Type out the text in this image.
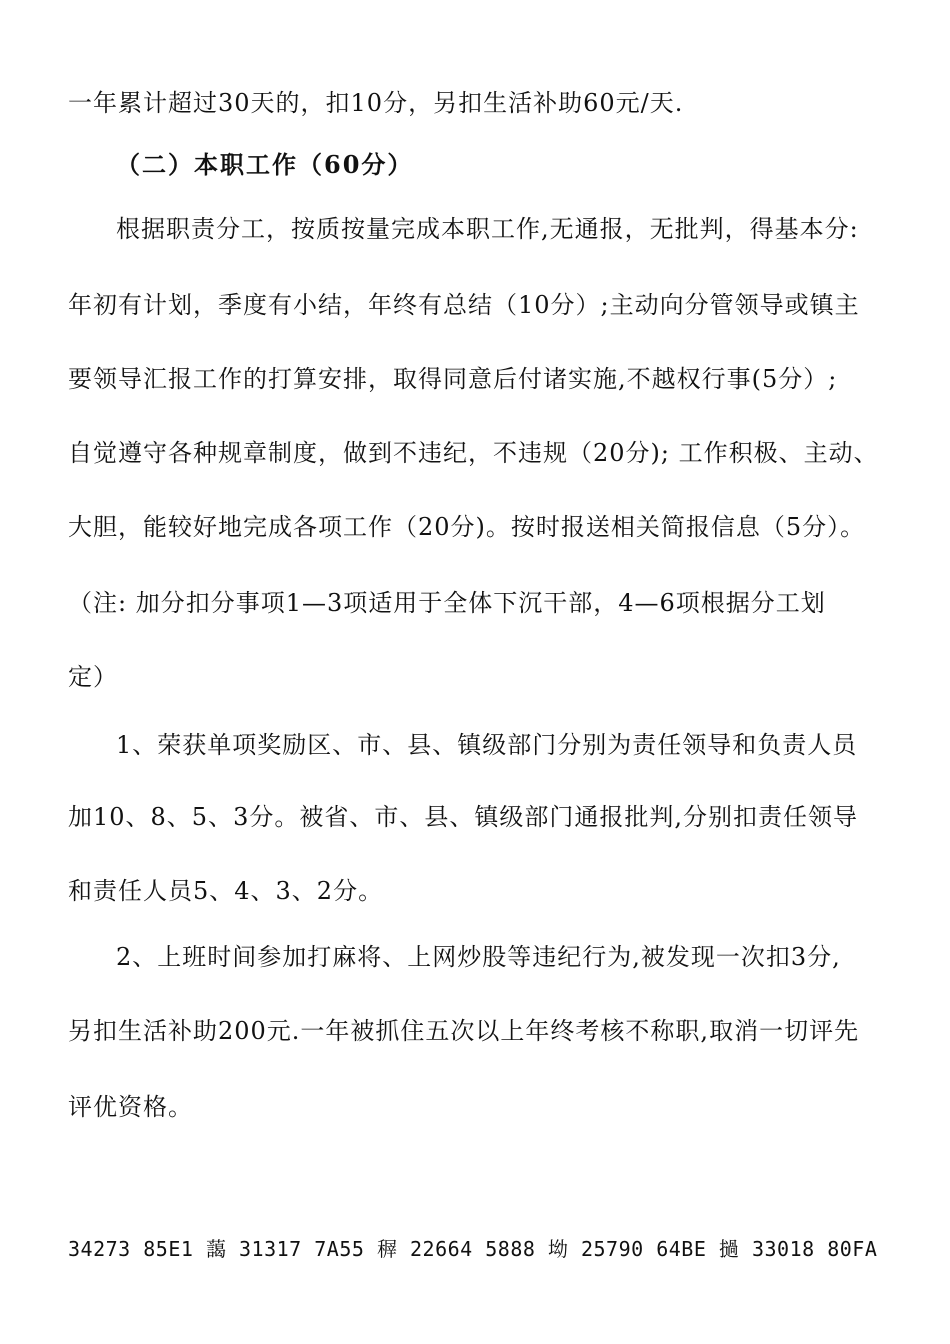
一年累计超过30天的，扣10分，另扣生活补助60元/天.
（二）本职工作（60分）
根据职责分工，按质按量完成本职工作,无通报，无批判，得基本分:
年初有计划，季度有小结，年终有总结（10分）;主动向分管领导或镇主
要领导汇报工作的打算安排，取得同意后付诸实施,不越权行事(5分）;
自觉遵守各种规章制度，做到不违纪，不违规（20分); 工作积极、主动、
大胆，能较好地完成各项工作（20分)。按时报送相关简报信息（5分）。
（注: 加分扣分事项1—3项适用于全体下沉干部，4—6项根据分工划
定）
1、荣获单项奖励区、市、县、镇级部门分别为责任领导和负责人员
加10、8、5、3分。被省、市、县、镇级部门通报批判,分别扣责任领导
和责任人员5、4、3、2分。
2、上班时间参加打麻将、上网炒股等违纪行为,被发现一次扣3分,
另扣生活补助200元.一年被抓住五次以上年终考核不称职,取消一切评先
评优资格。
34273 85E1 藹 31317 7A55 稺 22664 5888 坳 25790 64BE 撾 33018 80FA
